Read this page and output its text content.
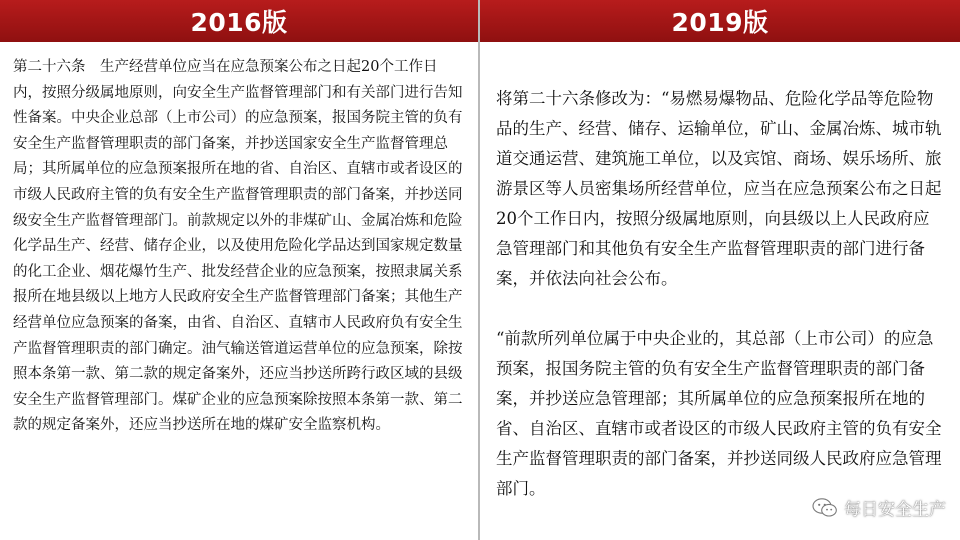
2016版
第二十六条　生产经营单位应当在应急预案公布之日起20个工作日内，按照分级属地原则，向安全生产监督管理部门和有关部门进行告知性备案。中央企业总部（上市公司）的应急预案，报国务院主管的负有安全生产监督管理职责的部门备案，并抄送国家安全生产监督管理总局；其所属单位的应急预案报所在地的省、自治区、直辖市或者设区的市级人民政府主管的负有安全生产监督管理职责的部门备案，并抄送同级安全生产监督管理部门。前款规定以外的非煤矿山、金属冶炼和危险化学品生产、经营、储存企业，以及使用危险化学品达到国家规定数量的化工企业、烟花爆竹生产、批发经营企业的应急预案，按照隶属关系报所在地县级以上地方人民政府安全生产监督管理部门备案；其他生产经营单位应急预案的备案，由省、自治区、直辖市人民政府负有安全生产监督管理职责的部门确定。油气输送管道运营单位的应急预案，除按照本条第一款、第二款的规定备案外，还应当抄送所跨行政区域的县级安全生产监督管理部门。煤矿企业的应急预案除按照本条第一款、第二款的规定备案外，还应当抄送所在地的煤矿安全监察机构。
2019版

将第二十六条修改为：“易燃易爆物品、危险化学品等危险物品的生产、经营、储存、运输单位，矿山、金属冶炼、城市轨道交通运营、建筑施工单位，以及宾馆、商场、娱乐场所、旅游景区等人员密集场所经营单位，应当在应急预案公布之日起20个工作日内，按照分级属地原则，向县级以上人民政府应急管理部门和其他负有安全生产监督管理职责的部门进行备案，并依法向社会公布。

“前款所列单位属于中央企业的，其总部（上市公司）的应急预案，报国务院主管的负有安全生产监督管理职责的部门备案，并抄送应急管理部；其所属单位的应急预案报所在地的省、自治区、直辖市或者设区的市级人民政府主管的负有安全生产监督管理职责的部门备案，并抄送同级人民政府应急管理部门。

每日安全生产
